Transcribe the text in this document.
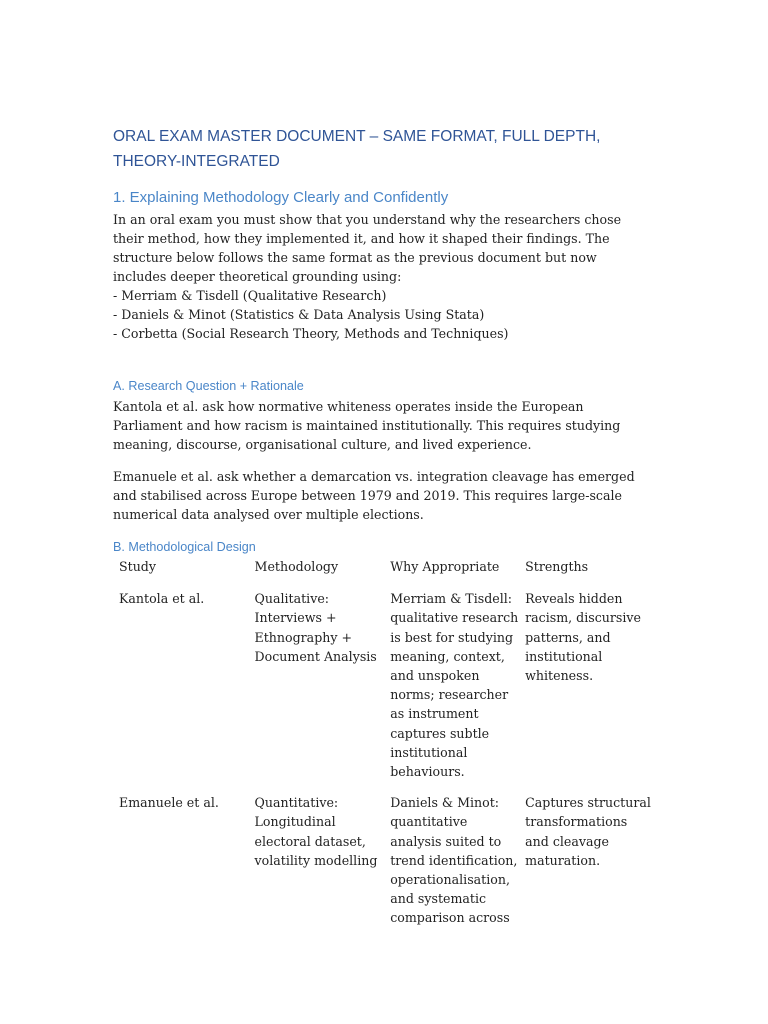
ORAL EXAM MASTER DOCUMENT – SAME FORMAT, FULL DEPTH, THEORY-INTEGRATED
1. Explaining Methodology Clearly and Confidently

In an oral exam you must show that you understand why the researchers chose their method, how they implemented it, and how it shaped their findings. The structure below follows the same format as the previous document but now includes deeper theoretical grounding using:

- Merriam & Tisdell (Qualitative Research)
- Daniels & Minot (Statistics & Data Analysis Using Stata)
- Corbetta (Social Research Theory, Methods and Techniques)
A. Research Question + Rationale

Kantola et al. ask how normative whiteness operates inside the European Parliament and how racism is maintained institutionally. This requires studying meaning, discourse, organisational culture, and lived experience.

Emanuele et al. ask whether a demarcation vs. integration cleavage has emerged and stabilised across Europe between 1979 and 2019. This requires large-scale numerical data analysed over multiple elections.

B. Methodological Design
Study	Methodology	Why Appropriate	Strengths
Kantola et al.	Qualitative: Interviews + Ethnography + Document Analysis	Merriam & Tisdell: qualitative research is best for studying meaning, context, and unspoken norms; researcher as instrument captures subtle institutional behaviours.	Reveals hidden racism, discursive patterns, and institutional whiteness.
Emanuele et al.	Quantitative: Longitudinal electoral dataset, volatility modelling	Daniels & Minot: quantitative analysis suited to trend identification, operationalisation, and systematic comparison across	Captures structural transformations and cleavage maturation.
